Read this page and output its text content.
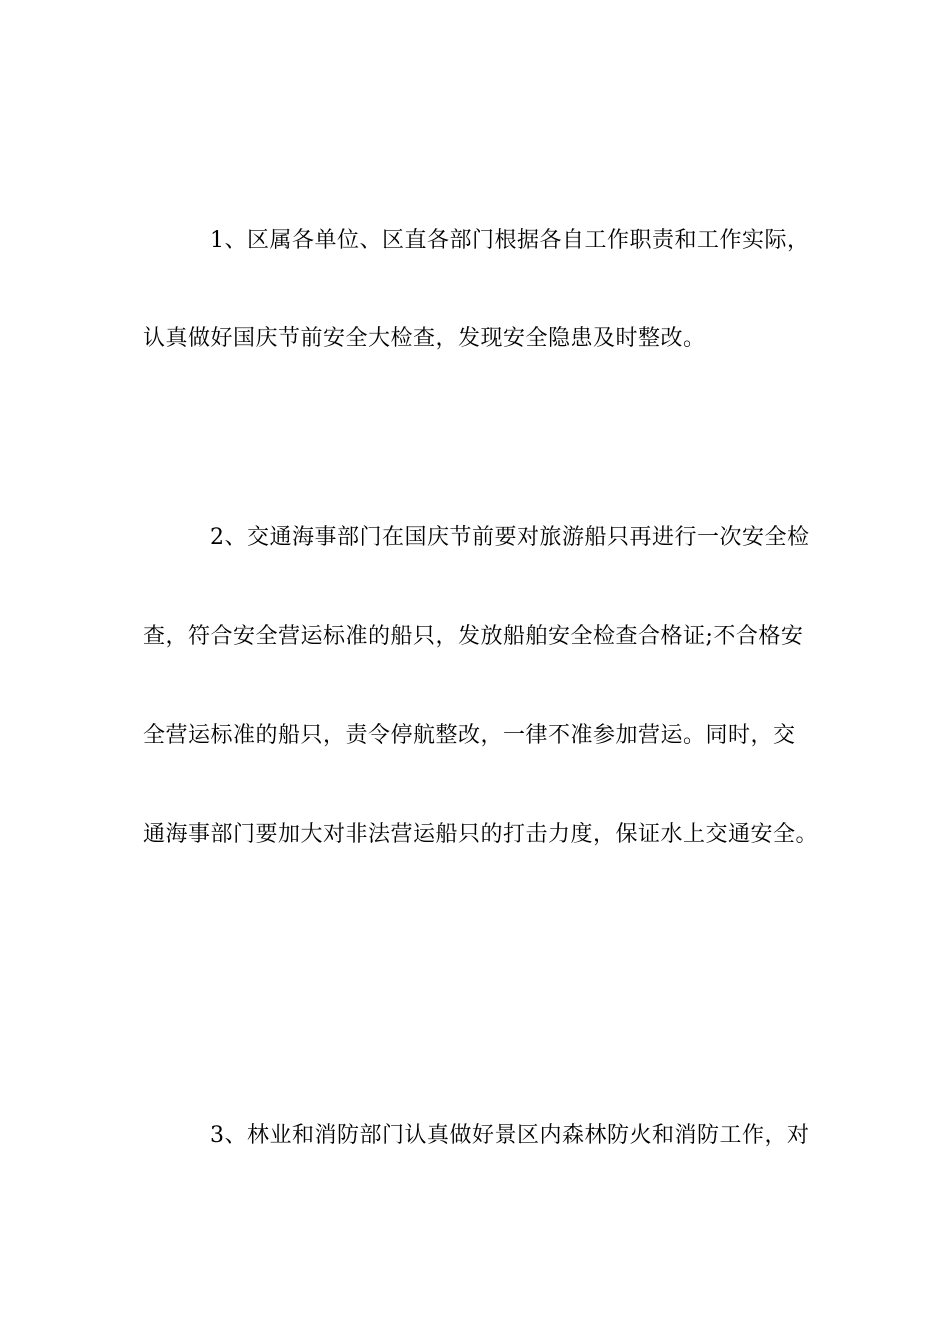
1、区属各单位、区直各部门根据各自工作职责和工作实际，
认真做好国庆节前安全大检查，发现安全隐患及时整改。
2、交通海事部门在国庆节前要对旅游船只再进行一次安全检
查，符合安全营运标准的船只，发放船舶安全检查合格证;不合格安
全营运标准的船只，责令停航整改，一律不准参加营运。同时，交
通海事部门要加大对非法营运船只的打击力度，保证水上交通安全。
3、林业和消防部门认真做好景区内森林防火和消防工作，对
